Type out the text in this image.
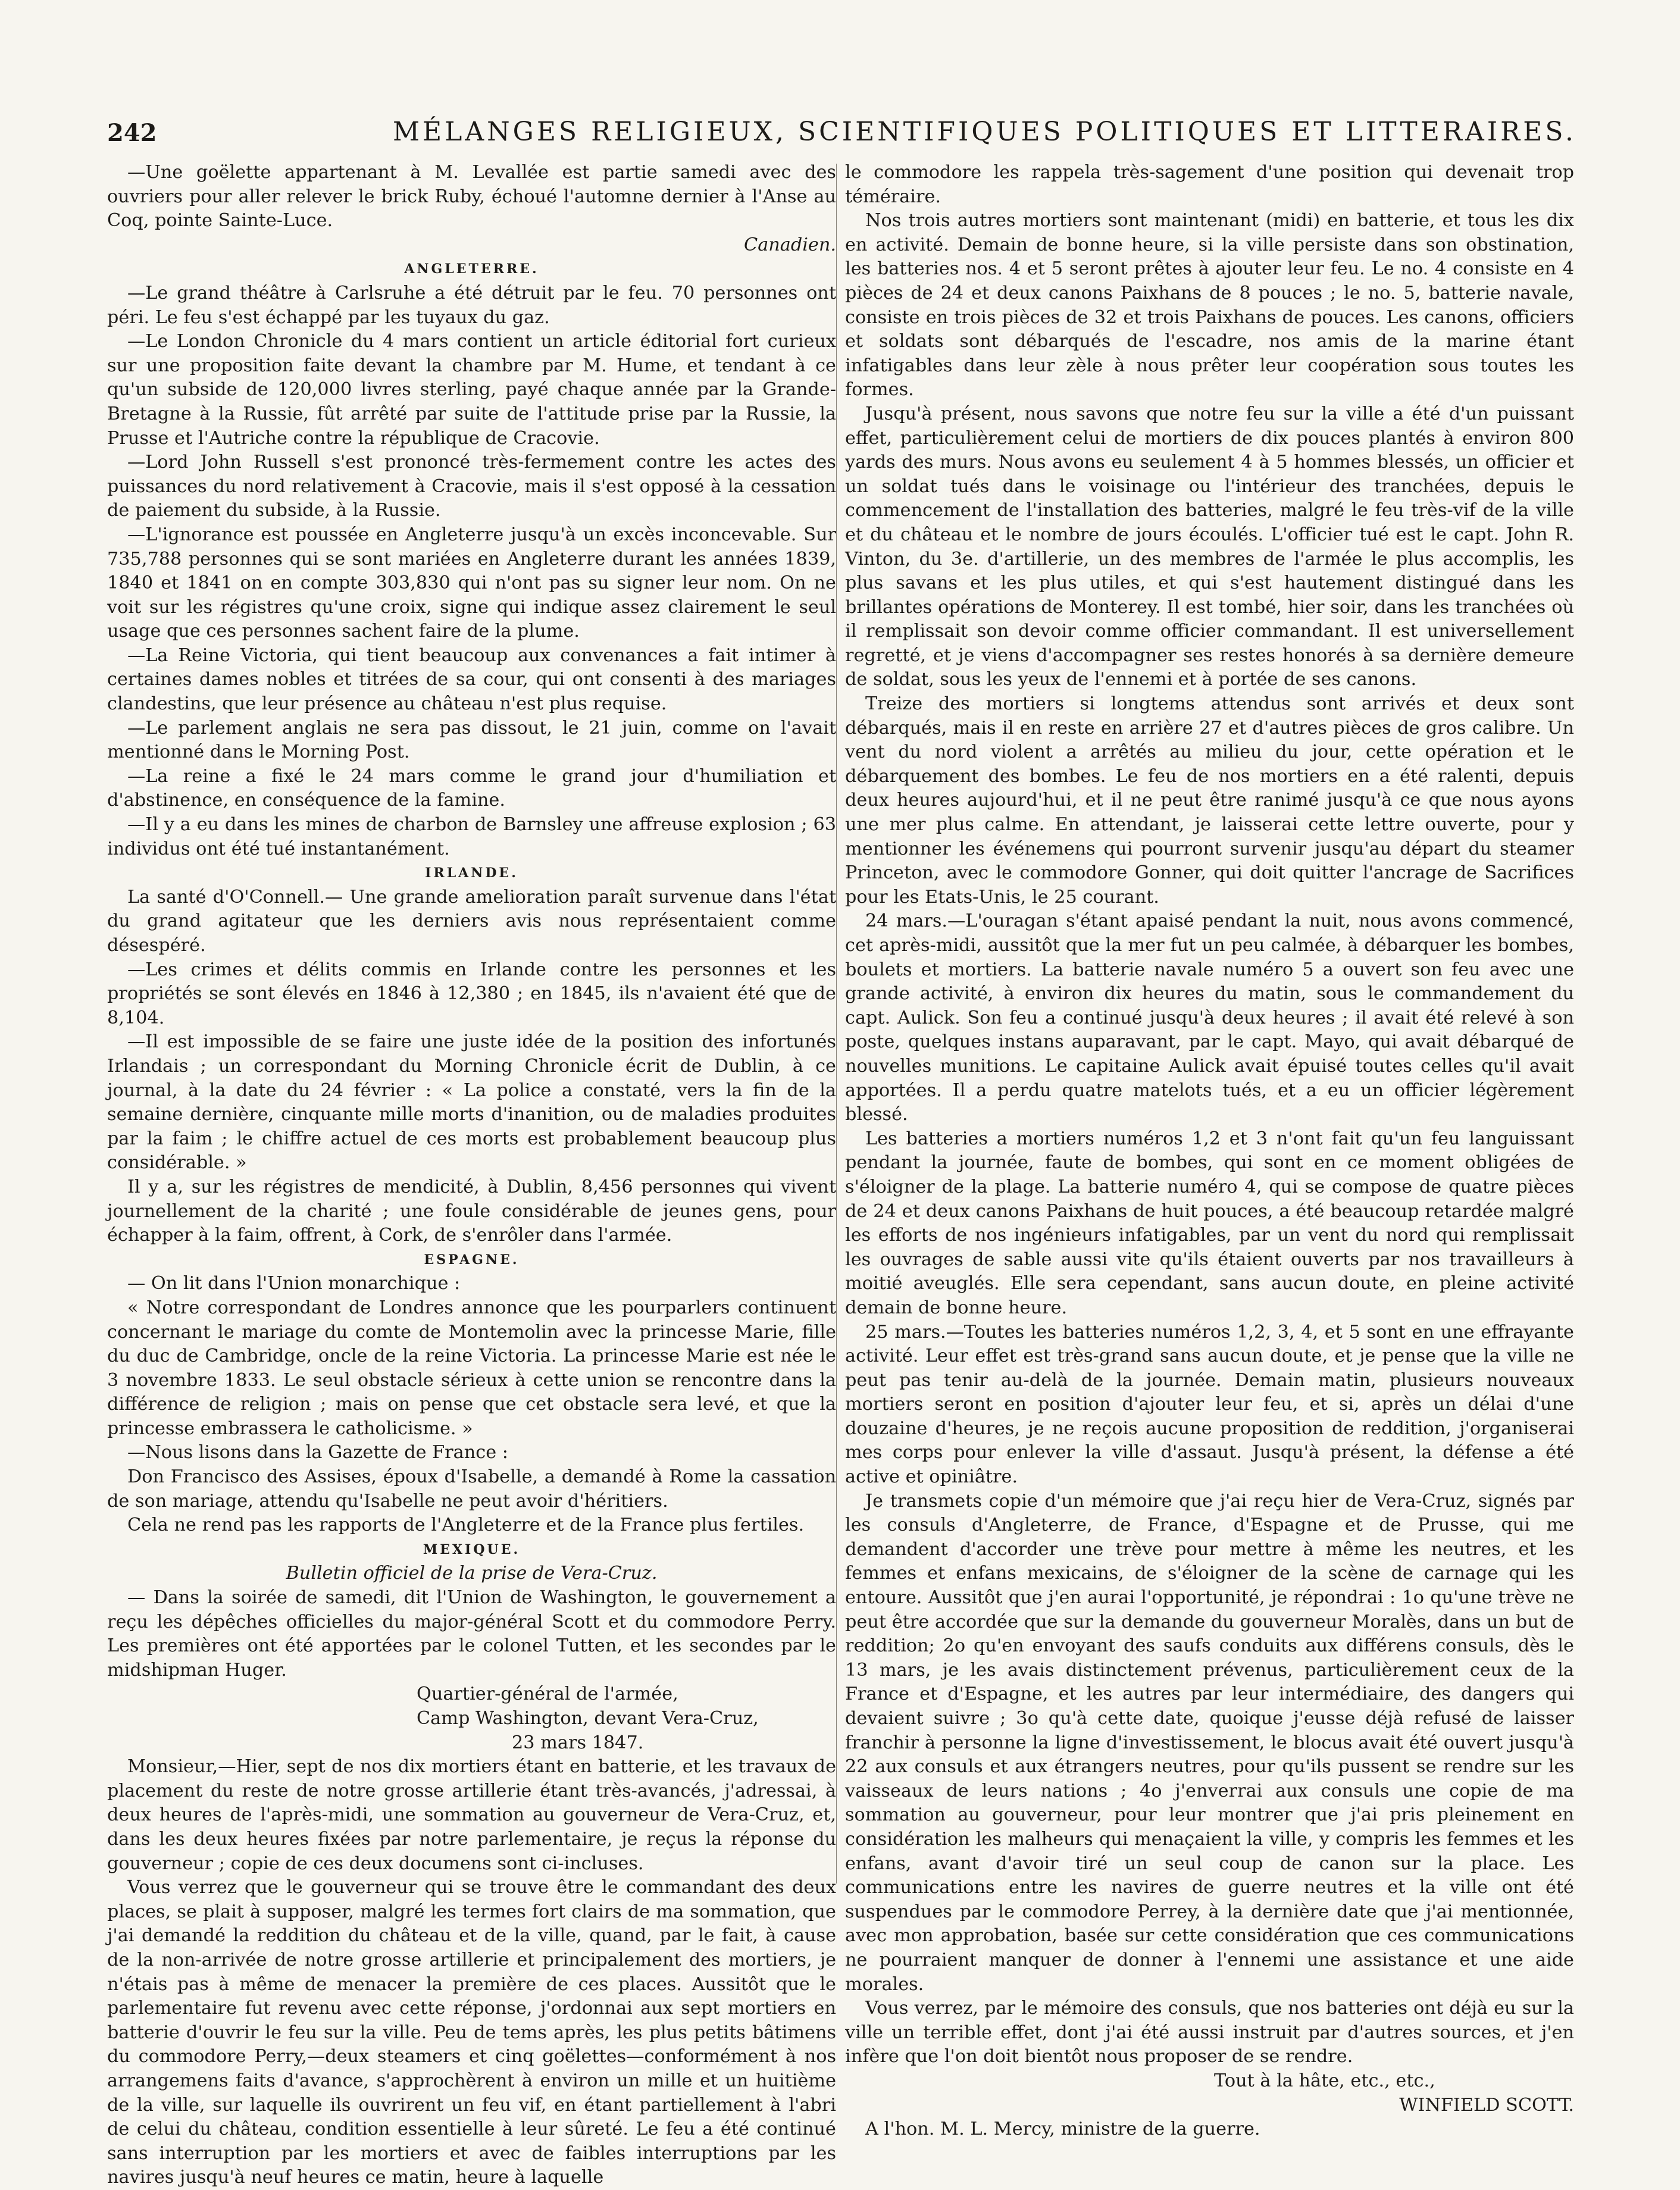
242	MÉLANGES RELIGIEUX, SCIENTIFIQUES POLITIQUES ET LITTERAIRES.

—Une goëlette appartenant à M. Levallée est partie samedi avec des ouvriers pour aller relever le brick Ruby, échoué l'automne dernier à l'Anse au Coq, pointe Sainte-Luce.

Canadien.

ANGLETERRE.

—Le grand théâtre à Carlsruhe a été détruit par le feu. 70 personnes ont péri. Le feu s'est échappé par les tuyaux du gaz.

—Le London Chronicle du 4 mars contient un article éditorial fort curieux sur une proposition faite devant la chambre par M. Hume, et tendant à ce qu'un subside de 120,000 livres sterling, payé chaque année par la Grande-Bretagne à la Russie, fût arrêté par suite de l'attitude prise par la Russie, la Prusse et l'Autriche contre la république de Cracovie.

—Lord John Russell s'est prononcé très-fermement contre les actes des puissances du nord relativement à Cracovie, mais il s'est opposé à la cessation de paiement du subside, à la Russie.

—L'ignorance est poussée en Angleterre jusqu'à un excès inconcevable. Sur 735,788 personnes qui se sont mariées en Angleterre durant les années 1839, 1840 et 1841 on en compte 303,830 qui n'ont pas su signer leur nom. On ne voit sur les régistres qu'une croix, signe qui indique assez clairement le seul usage que ces personnes sachent faire de la plume.

—La Reine Victoria, qui tient beaucoup aux convenances a fait intimer à certaines dames nobles et titrées de sa cour, qui ont consenti à des mariages clandestins, que leur présence au château n'est plus requise.

—Le parlement anglais ne sera pas dissout, le 21 juin, comme on l'avait mentionné dans le Morning Post.

—La reine a fixé le 24 mars comme le grand jour d'humiliation et d'abstinence, en conséquence de la famine.

—Il y a eu dans les mines de charbon de Barnsley une affreuse explosion ; 63 individus ont été tué instantanément.

IRLANDE.

La santé d'O'Connell.— Une grande amelioration paraît survenue dans l'état du grand agitateur que les derniers avis nous représentaient comme désespéré.

—Les crimes et délits commis en Irlande contre les personnes et les propriétés se sont élevés en 1846 à 12,380 ; en 1845, ils n'avaient été que de 8,104.

—Il est impossible de se faire une juste idée de la position des infortunés Irlandais ; un correspondant du Morning Chronicle écrit de Dublin, à ce journal, à la date du 24 février : « La police a constaté, vers la fin de la semaine dernière, cinquante mille morts d'inanition, ou de maladies produites par la faim ; le chiffre actuel de ces morts est probablement beaucoup plus considérable. »

Il y a, sur les régistres de mendicité, à Dublin, 8,456 personnes qui vivent journellement de la charité ; une foule considérable de jeunes gens, pour échapper à la faim, offrent, à Cork, de s'enrôler dans l'armée.

ESPAGNE.

— On lit dans l'Union monarchique :

« Notre correspondant de Londres annonce que les pourparlers continuent concernant le mariage du comte de Montemolin avec la princesse Marie, fille du duc de Cambridge, oncle de la reine Victoria. La princesse Marie est née le 3 novembre 1833. Le seul obstacle sérieux à cette union se rencontre dans la différence de religion ; mais on pense que cet obstacle sera levé, et que la princesse embrassera le catholicisme. »

—Nous lisons dans la Gazette de France :

Don Francisco des Assises, époux d'Isabelle, a demandé à Rome la cassation de son mariage, attendu qu'Isabelle ne peut avoir d'héritiers.

Cela ne rend pas les rapports de l'Angleterre et de la France plus fertiles.

MEXIQUE.

Bulletin officiel de la prise de Vera-Cruz.

— Dans la soirée de samedi, dit l'Union de Washington, le gouvernement a reçu les dépêches officielles du major-général Scott et du commodore Perry. Les premières ont été apportées par le colonel Tutten, et les secondes par le midshipman Huger.

Quartier-général de l'armée,

Camp Washington, devant Vera-Cruz,

23 mars 1847.

Monsieur,—Hier, sept de nos dix mortiers étant en batterie, et les travaux de placement du reste de notre grosse artillerie étant très-avancés, j'adressai, à deux heures de l'après-midi, une sommation au gouverneur de Vera-Cruz, et, dans les deux heures fixées par notre parlementaire, je reçus la réponse du gouverneur ; copie de ces deux documens sont ci-incluses.

Vous verrez que le gouverneur qui se trouve être le commandant des deux places, se plait à supposer, malgré les termes fort clairs de ma sommation, que j'ai demandé la reddition du château et de la ville, quand, par le fait, à cause de la non-arrivée de notre grosse artillerie et principalement des mortiers, je n'étais pas à même de menacer la première de ces places. Aussitôt que le parlementaire fut revenu avec cette réponse, j'ordonnai aux sept mortiers en batterie d'ouvrir le feu sur la ville. Peu de tems après, les plus petits bâtimens du commodore Perry,—deux steamers et cinq goëlettes—conformément à nos arrangemens faits d'avance, s'approchèrent à environ un mille et un huitième de la ville, sur laquelle ils ouvrirent un feu vif, en étant partiellement à l'abri de celui du château, condition essentielle à leur sûreté. Le feu a été continué sans interruption par les mortiers et avec de faibles interruptions par les navires jusqu'à neuf heures ce matin, heure à laquelle

le commodore les rappela très-sagement d'une position qui devenait trop téméraire.

Nos trois autres mortiers sont maintenant (midi) en batterie, et tous les dix en activité. Demain de bonne heure, si la ville persiste dans son obstination, les batteries nos. 4 et 5 seront prêtes à ajouter leur feu. Le no. 4 consiste en 4 pièces de 24 et deux canons Paixhans de 8 pouces ; le no. 5, batterie navale, consiste en trois pièces de 32 et trois Paixhans de pouces. Les canons, officiers et soldats sont débarqués de l'escadre, nos amis de la marine étant infatigables dans leur zèle à nous prêter leur coopération sous toutes les formes.

Jusqu'à présent, nous savons que notre feu sur la ville a été d'un puissant effet, particulièrement celui de mortiers de dix pouces plantés à environ 800 yards des murs. Nous avons eu seulement 4 à 5 hommes blessés, un officier et un soldat tués dans le voisinage ou l'intérieur des tranchées, depuis le commencement de l'installation des batteries, malgré le feu très-vif de la ville et du château et le nombre de jours écoulés. L'officier tué est le capt. John R. Vinton, du 3e. d'artillerie, un des membres de l'armée le plus accomplis, les plus savans et les plus utiles, et qui s'est hautement distingué dans les brillantes opérations de Monterey. Il est tombé, hier soir, dans les tranchées où il remplissait son devoir comme officier commandant. Il est universellement regretté, et je viens d'accompagner ses restes honorés à sa dernière demeure de soldat, sous les yeux de l'ennemi et à portée de ses canons.

Treize des mortiers si longtems attendus sont arrivés et deux sont débarqués, mais il en reste en arrière 27 et d'autres pièces de gros calibre. Un vent du nord violent a arrêtés au milieu du jour, cette opération et le débarquement des bombes. Le feu de nos mortiers en a été ralenti, depuis deux heures aujourd'hui, et il ne peut être ranimé jusqu'à ce que nous ayons une mer plus calme. En attendant, je laisserai cette lettre ouverte, pour y mentionner les événemens qui pourront survenir jusqu'au départ du steamer Princeton, avec le commodore Gonner, qui doit quitter l'ancrage de Sacrifices pour les Etats-Unis, le 25 courant.

24 mars.—L'ouragan s'étant apaisé pendant la nuit, nous avons commencé, cet après-midi, aussitôt que la mer fut un peu calmée, à débarquer les bombes, boulets et mortiers. La batterie navale numéro 5 a ouvert son feu avec une grande activité, à environ dix heures du matin, sous le commandement du capt. Aulick. Son feu a continué jusqu'à deux heures ; il avait été relevé à son poste, quelques instans auparavant, par le capt. Mayo, qui avait débarqué de nouvelles munitions. Le capitaine Aulick avait épuisé toutes celles qu'il avait apportées. Il a perdu quatre matelots tués, et a eu un officier légèrement blessé.

Les batteries a mortiers numéros 1,2 et 3 n'ont fait qu'un feu languissant pendant la journée, faute de bombes, qui sont en ce moment obligées de s'éloigner de la plage. La batterie numéro 4, qui se compose de quatre pièces de 24 et deux canons Paixhans de huit pouces, a été beaucoup retardée malgré les efforts de nos ingénieurs infatigables, par un vent du nord qui remplissait les ouvrages de sable aussi vite qu'ils étaient ouverts par nos travailleurs à moitié aveuglés. Elle sera cependant, sans aucun doute, en pleine activité demain de bonne heure.

25 mars.—Toutes les batteries numéros 1,2, 3, 4, et 5 sont en une effrayante activité. Leur effet est très-grand sans aucun doute, et je pense que la ville ne peut pas tenir au-delà de la journée. Demain matin, plusieurs nouveaux mortiers seront en position d'ajouter leur feu, et si, après un délai d'une douzaine d'heures, je ne reçois aucune proposition de reddition, j'organiserai mes corps pour enlever la ville d'assaut. Jusqu'à présent, la défense a été active et opiniâtre.

Je transmets copie d'un mémoire que j'ai reçu hier de Vera-Cruz, signés par les consuls d'Angleterre, de France, d'Espagne et de Prusse, qui me demandent d'accorder une trève pour mettre à même les neutres, et les femmes et enfans mexicains, de s'éloigner de la scène de carnage qui les entoure. Aussitôt que j'en aurai l'opportunité, je répondrai : 1o qu'une trève ne peut être accordée que sur la demande du gouverneur Moralès, dans un but de reddition; 2o qu'en envoyant des saufs conduits aux différens consuls, dès le 13 mars, je les avais distinctement prévenus, particulièrement ceux de la France et d'Espagne, et les autres par leur intermédiaire, des dangers qui devaient suivre ; 3o qu'à cette date, quoique j'eusse déjà refusé de laisser franchir à personne la ligne d'investissement, le blocus avait été ouvert jusqu'à 22 aux consuls et aux étrangers neutres, pour qu'ils pussent se rendre sur les vaisseaux de leurs nations ; 4o j'enverrai aux consuls une copie de ma sommation au gouverneur, pour leur montrer que j'ai pris pleinement en considération les malheurs qui menaçaient la ville, y compris les femmes et les enfans, avant d'avoir tiré un seul coup de canon sur la place. Les communications entre les navires de guerre neutres et la ville ont été suspendues par le commodore Perrey, à la dernière date que j'ai mentionnée, avec mon approbation, basée sur cette considération que ces communications ne pourraient manquer de donner à l'ennemi une assistance et une aide morales.

Vous verrez, par le mémoire des consuls, que nos batteries ont déjà eu sur la ville un terrible effet, dont j'ai été aussi instruit par d'autres sources, et j'en infère que l'on doit bientôt nous proposer de se rendre.

Tout à la hâte, etc., etc.,

WINFIELD SCOTT.

A l'hon. M. L. Mercy, ministre de la guerre.
